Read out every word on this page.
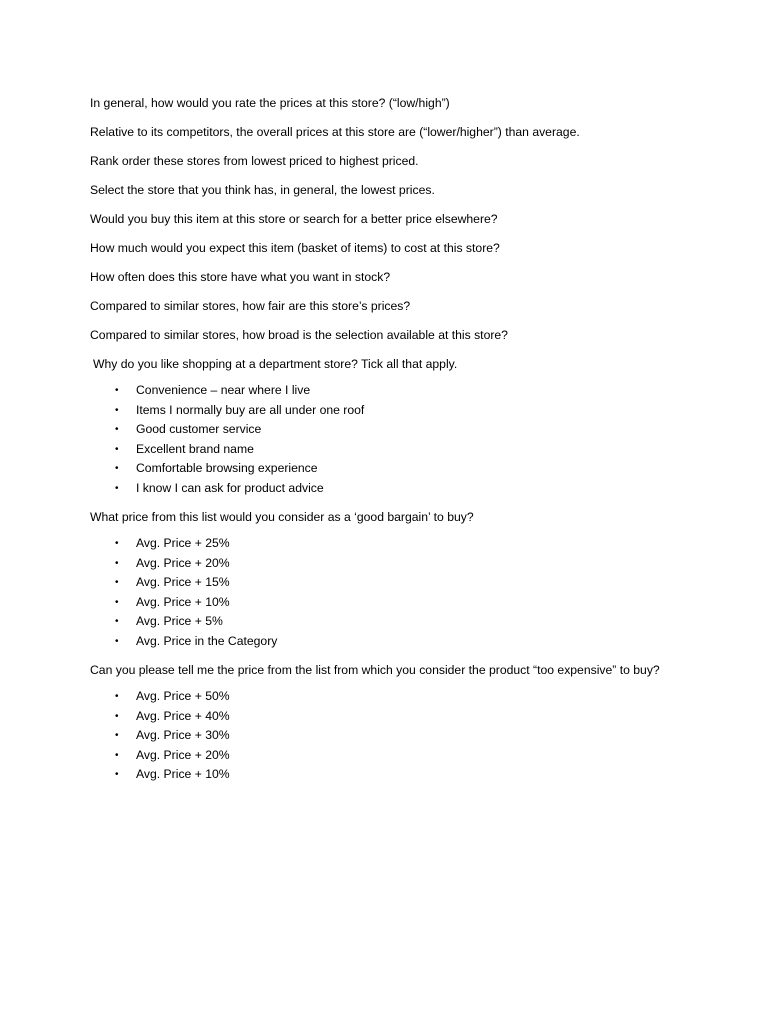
In general, how would you rate the prices at this store? (“low/high”)

Relative to its competitors, the overall prices at this store are (“lower/higher”) than average.

Rank order these stores from lowest priced to highest priced.

Select the store that you think has, in general, the lowest prices.

Would you buy this item at this store or search for a better price elsewhere?

How much would you expect this item (basket of items) to cost at this store?

How often does this store have what you want in stock?

Compared to similar stores, how fair are this store’s prices?

Compared to similar stores, how broad is the selection available at this store?

Why do you like shopping at a department store? Tick all that apply.

• Convenience – near where I live
• Items I normally buy are all under one roof
• Good customer service
• Excellent brand name
• Comfortable browsing experience
• I know I can ask for product advice

What price from this list would you consider as a ‘good bargain’ to buy?

• Avg. Price + 25%
• Avg. Price + 20%
• Avg. Price + 15%
• Avg. Price + 10%
• Avg. Price + 5%
• Avg. Price in the Category

Can you please tell me the price from the list from which you consider the product “too expensive” to buy?

• Avg. Price + 50%
• Avg. Price + 40%
• Avg. Price + 30%
• Avg. Price + 20%
• Avg. Price + 10%
